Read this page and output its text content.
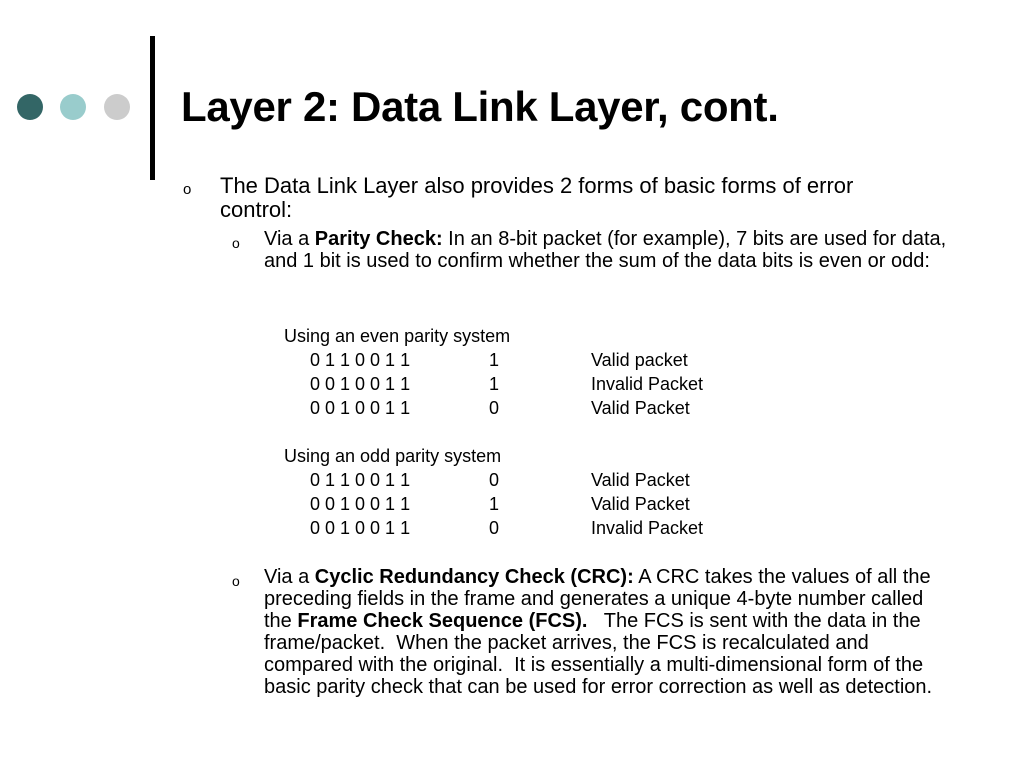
Layer 2: Data Link Layer, cont.
o The Data Link Layer also provides 2 forms of basic forms of error control:
o Via a Parity Check: In an 8-bit packet (for example), 7 bits are used for data, and 1 bit is used to confirm whether the sum of the data bits is even or odd:
Using an even parity system
0 1 1 0 0 1 1	1	Valid packet
0 0 1 0 0 1 1	1	Invalid Packet
0 0 1 0 0 1 1	0	Valid Packet
Using an odd parity system
0 1 1 0 0 1 1	0	Valid Packet
0 0 1 0 0 1 1	1	Valid Packet
0 0 1 0 0 1 1	0	Invalid Packet
o Via a Cyclic Redundancy Check (CRC): A CRC takes the values of all the preceding fields in the frame and generates a unique 4-byte number called the Frame Check Sequence (FCS).   The FCS is sent with the data in the frame/packet.  When the packet arrives, the FCS is recalculated and compared with the original.  It is essentially a multi-dimensional form of the basic parity check that can be used for error correction as well as detection.
